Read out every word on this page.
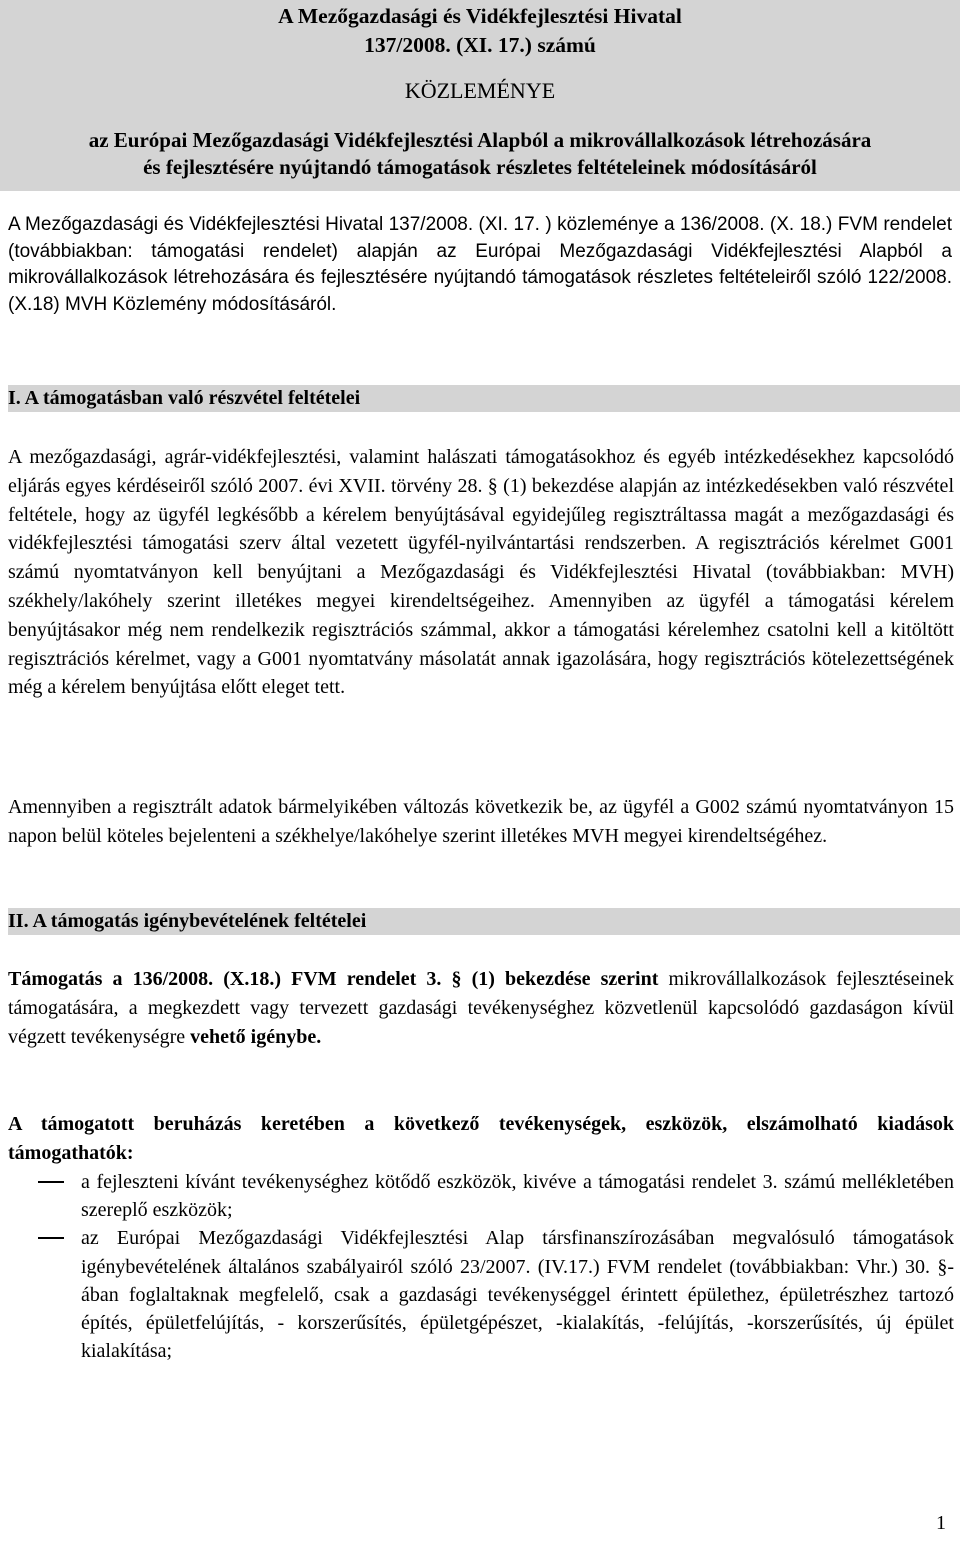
A Mezőgazdasági és Vidékfejlesztési Hivatal
137/2008. (XI. 17.) számú
KÖZLEMÉNYE
az Európai Mezőgazdasági Vidékfejlesztési Alapból a mikrovállalkozások létrehozására
és fejlesztésére nyújtandó támogatások részletes feltételeinek módosításáról
A Mezőgazdasági és Vidékfejlesztési Hivatal 137/2008. (XI. 17. ) közleménye a 136/2008. (X. 18.) FVM rendelet (továbbiakban: támogatási rendelet) alapján az Európai Mezőgazdasági Vidékfejlesztési Alapból a mikrovállalkozások létrehozására és fejlesztésére nyújtandó támogatások részletes feltételeiről szóló 122/2008. (X.18) MVH Közlemény módosításáról.
I. A támogatásban való részvétel feltételei
A mezőgazdasági, agrár-vidékfejlesztési, valamint halászati támogatásokhoz és egyéb intézkedésekhez kapcsolódó eljárás egyes kérdéseiről szóló 2007. évi XVII. törvény 28. § (1) bekezdése alapján az intézkedésekben való részvétel feltétele, hogy az ügyfél legkésőbb a kérelem benyújtásával egyidejűleg regisztráltassa magát a mezőgazdasági és vidékfejlesztési támogatási szerv által vezetett ügyfél-nyilvántartási rendszerben. A regisztrációs kérelmet G001 számú nyomtatványon kell benyújtani a Mezőgazdasági és Vidékfejlesztési Hivatal (továbbiakban: MVH) székhely/lakóhely szerint illetékes megyei kirendeltségeihez. Amennyiben az ügyfél a támogatási kérelem benyújtásakor még nem rendelkezik regisztrációs számmal, akkor a támogatási kérelemhez csatolni kell a kitöltött regisztrációs kérelmet, vagy a G001 nyomtatvány másolatát annak igazolására, hogy regisztrációs kötelezettségének még a kérelem benyújtása előtt eleget tett.
Amennyiben a regisztrált adatok bármelyikében változás következik be, az ügyfél a G002 számú nyomtatványon 15 napon belül köteles bejelenteni a székhelye/lakóhelye szerint illetékes MVH megyei kirendeltségéhez.
II. A támogatás igénybevételének feltételei
Támogatás a 136/2008. (X.18.) FVM rendelet 3. § (1) bekezdése szerint mikrovállalkozások fejlesztéseinek támogatására, a megkezdett vagy tervezett gazdasági tevékenységhez közvetlenül kapcsolódó gazdaságon kívül végzett tevékenységre vehető igénybe.
A támogatott beruházás keretében a következő tevékenységek, eszközök, elszámolható kiadások támogathatók:
a fejleszteni kívánt tevékenységhez kötődő eszközök, kivéve a támogatási rendelet 3. számú mellékletében szereplő eszközök;
az Európai Mezőgazdasági Vidékfejlesztési Alap társfinanszírozásában megvalósuló támogatások igénybevételének általános szabályairól szóló 23/2007. (IV.17.) FVM rendelet (továbbiakban: Vhr.) 30. §-ában foglaltaknak megfelelő, csak a gazdasági tevékenységgel érintett épülethez, épületrészhez tartozó építés, épületfelújítás, - korszerűsítés, épületgépészet, -kialakítás, -felújítás, -korszerűsítés, új épület kialakítása;
1
